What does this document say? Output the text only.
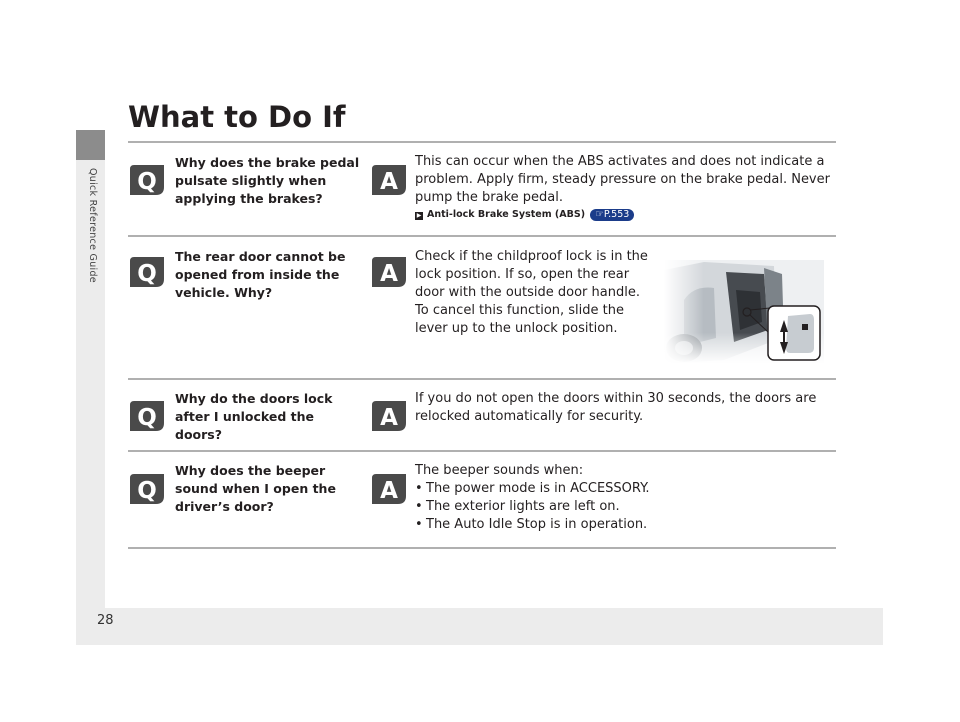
Quick Reference Guide
28
What to Do If
Q
Why does the brake pedal pulsate slightly when applying the brakes?
A
This can occur when the ABS activates and does not indicate a problem. Apply firm, steady pressure on the brake pedal. Never pump the brake pedal.
▶ Anti-lock Brake System (ABS) ☞P.553
Q
The rear door cannot be opened from inside the vehicle. Why?
A
Check if the childproof lock is in the lock position. If so, open the rear door with the outside door handle. To cancel this function, slide the lever up to the unlock position.
Q
Why do the doors lock after I unlocked the doors?
A
If you do not open the doors within 30 seconds, the doors are relocked automatically for security.
Q
Why does the beeper sound when I open the driver’s door?
A
The beeper sounds when:
• The power mode is in ACCESSORY.
• The exterior lights are left on.
• The Auto Idle Stop is in operation.
